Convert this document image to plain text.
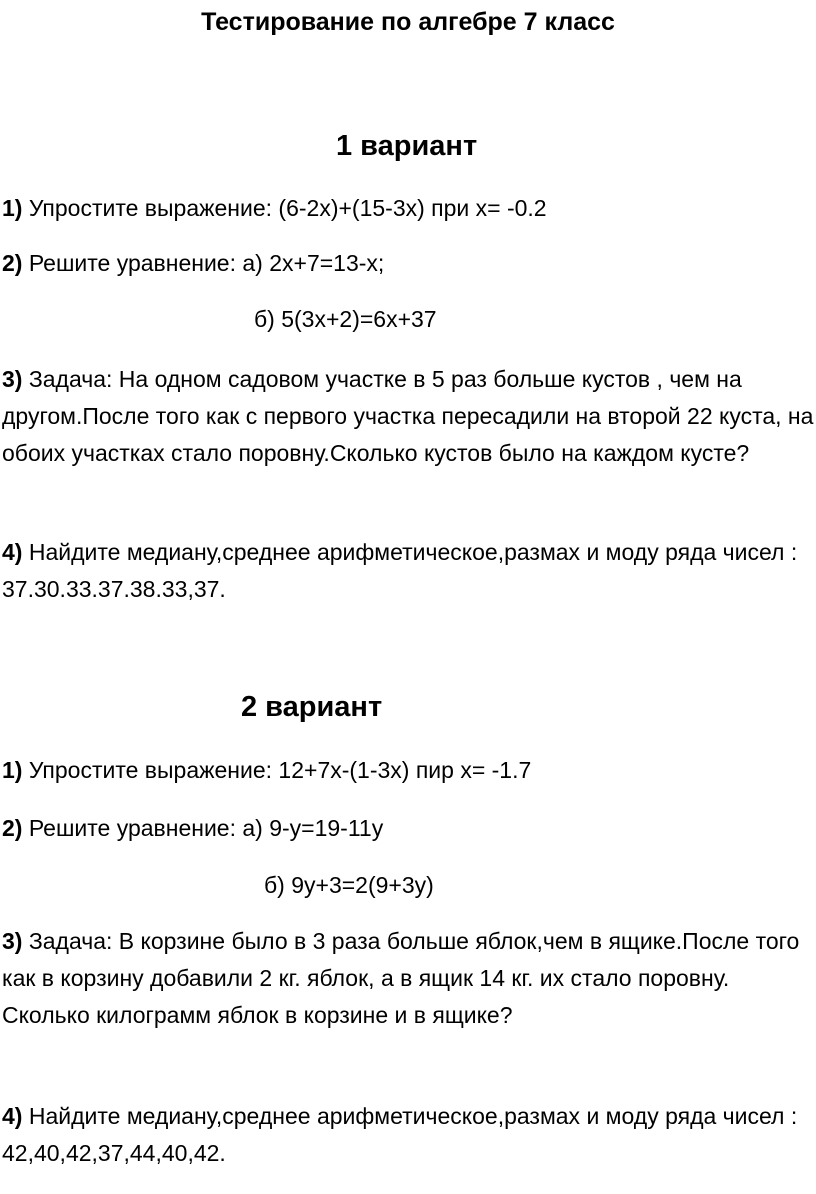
Тестирование по алгебре 7 класс
1 вариант
1) Упростите выражение: (6-2х)+(15-3х) при х= -0.2
2) Решите уравнение: а) 2х+7=13-х;
б) 5(3х+2)=6х+37
3) Задача: На одном садовом участке в 5 раз больше кустов , чем на другом.После того как с первого участка пересадили на второй 22 куста, на обоих участках стало поровну.Сколько кустов было на каждом кусте?
4) Найдите медиану,среднее арифметическое,размах и моду ряда чисел : 37.30.33.37.38.33,37.
2 вариант
1) Упростите выражение: 12+7х-(1-3х) пир х= -1.7
2) Решите уравнение: а) 9-у=19-11у
б) 9у+3=2(9+3у)
3) Задача: В корзине было в 3 раза больше яблок,чем в ящике.После того как в корзину добавили 2 кг. яблок, а в ящик 14 кг. их стало поровну. Сколько килограмм яблок в корзине и в ящике?
4) Найдите медиану,среднее арифметическое,размах и моду ряда чисел : 42,40,42,37,44,40,42.
